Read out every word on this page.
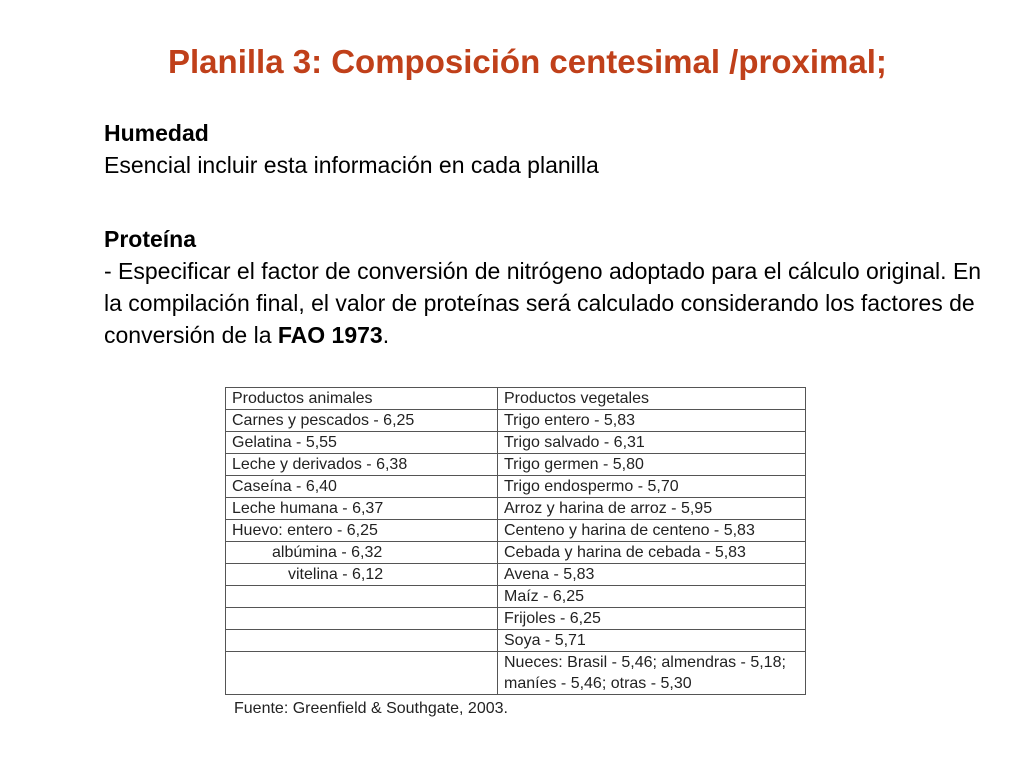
Planilla 3: Composición centesimal /proximal;

Humedad

Esencial incluir esta información en cada planilla

Proteína

- Especificar el factor de conversión de nitrógeno adoptado para el cálculo original. En la compilación final, el valor de proteínas será calculado considerando los factores de conversión de la FAO 1973.

Productos animales	Productos vegetales
Carnes y pescados - 6,25	Trigo entero - 5,83
Gelatina - 5,55	Trigo salvado - 6,31
Leche y derivados - 6,38	Trigo germen - 5,80
Caseína - 6,40	Trigo endospermo - 5,70
Leche humana - 6,37	Arroz y harina de arroz - 5,95
Huevo: entero - 6,25	Centeno y harina de centeno - 5,83
albúmina - 6,32	Cebada y harina de cebada - 5,83
vitelina - 6,12	Avena - 5,83
	Maíz - 6,25
	Frijoles - 6,25
	Soya - 5,71
	Nueces: Brasil - 5,46; almendras - 5,18; maníes - 5,46; otras - 5,30
Fuente: Greenfield & Southgate, 2003.
